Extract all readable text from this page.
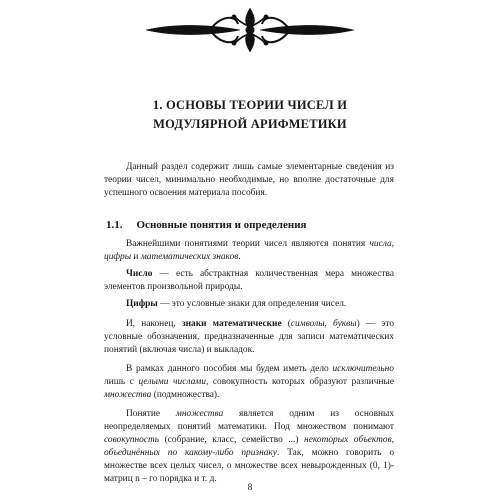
1. ОСНОВЫ ТЕОРИИ ЧИСЕЛ И
МОДУЛЯРНОЙ АРИФМЕТИКИ
Данный раздел содержит лишь самые элементарные сведения из теории чисел, минимально необходимые, но вполне достаточные для успешного освоения материала пособия.
1.1. Основные понятия и определения
Важнейшими понятиями теории чисел являются понятия числа, цифры и математических знаков.
Число — есть абстрактная количественная мера множества элементов произвольной природы.
Цифры — это условные знаки для определения чисел.
И, наконец, знаки математические (символы, буквы) — это условные обозначения, предназначенные для записи математических понятий (включая числа) и выкладок.
В рамках данного пособия мы будем иметь дело исключительно лишь с целыми числами, совокупность которых образуют различные множества (подмножества).
Понятие множества является одним из основных неопределяемых понятий математики. Под множеством понимают совокупность (собрание, класс, семейство ...) некоторых объектов, объединённых по какому-либо признаку. Так, можно говорить о множестве всех целых чисел, о множестве всех невырожденных (0, 1)-матриц n – го порядка и т. д.
8
